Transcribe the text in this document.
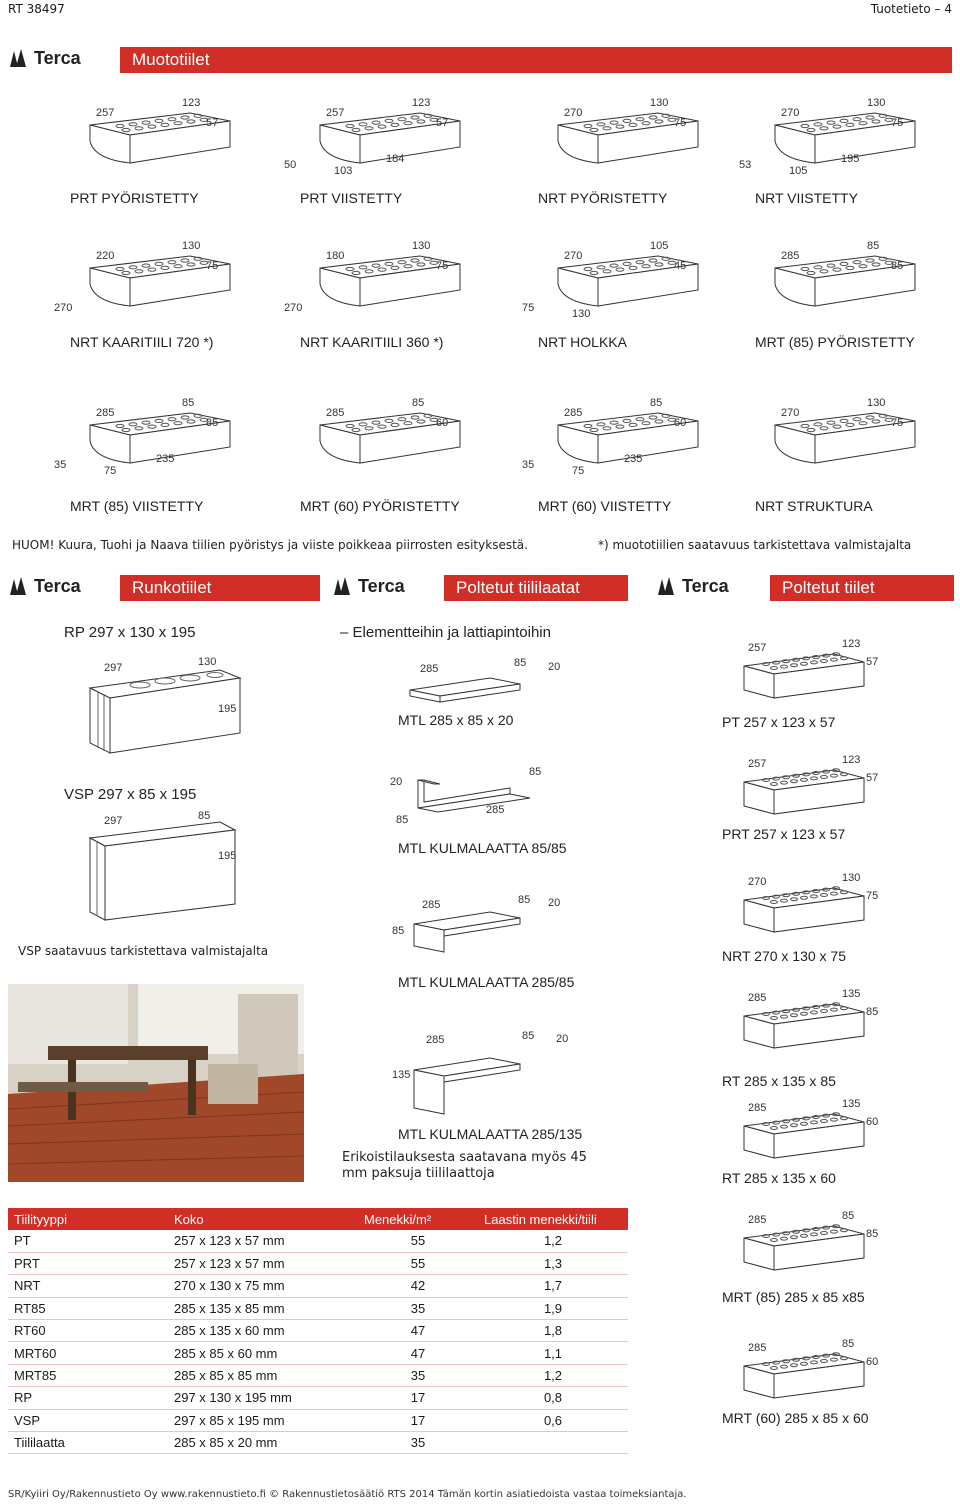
RT 38497	Tuotetieto – 4
Terca	Muototiilet
PRT PYÖRISTETTY
257
123
57
PRT VIISTETTY
257
123
57
50	103
184
NRT PYÖRISTETTY
270
130
75
NRT VIISTETTY
270
130
75
53	105
195
NRT KAARITIILI 720 *)
220
130
75
270
NRT KAARITIILI 360 *)
180
130
75
270
NRT HOLKKA
270
105
45
75	130
MRT (85) PYÖRISTETTY
285
85
85
MRT (85) VIISTETTY
285
85
85
35	75
235
MRT (60) PYÖRISTETTY
285
85
60
MRT (60) VIISTETTY
285
85
60
35	75
235
NRT STRUKTURA
270
130
75
HUOM! Kuura, Tuohi ja Naava tiilien pyöristys ja viiste poikkeaa piirrosten esityksestä.	*) muototiilien saatavuus tarkistettava valmistajalta
Terca	Runkotiilet	Terca	Poltetut tiililaatat	Terca	Poltetut tiilet
RP 297 x 130 x 195
297	130
195
VSP 297 x 85 x 195
297	85
195
VSP saatavuus tarkistettava valmistajalta
– Elementteihin ja lattiapintoihin
285	85 20
MTL 285 x 85 x 20
20
85
85
285
MTL KULMALAATTA 85/85
285	85 20
85
MTL KULMALAATTA 285/85
285	85 20
135
MTL KULMALAATTA 285/135
Erikoistilauksesta saatavana myös 45 mm paksuja tiililaattoja
PT 257 x 123 x 57
257	123
57
PRT 257 x 123 x 57
257	123
57
NRT 270 x 130 x 75
270	130
75
RT 285 x 135 x 85
285	135
85
RT 285 x 135 x 60
285	135
60
MRT (85) 285 x 85 x85
285	85
85
MRT (60) 285 x 85 x 60
285	85
60
Tiilityyppi	Koko	Menekki/m²	Laastin menekki/tiili
PT	257 x 123 x 57 mm	55	1,2
PRT	257 x 123 x 57 mm	55	1,3
NRT	270 x 130 x 75 mm	42	1,7
RT85	285 x 135 x 85 mm	35	1,9
RT60	285 x 135 x 60 mm	47	1,8
MRT60	285 x 85 x 60 mm	47	1,1
MRT85	285 x 85 x 85 mm	35	1,2
RP	297 x 130 x 195 mm	17	0,8
VSP	297 x 85 x 195 mm	17	0,6
Tiililaatta	285 x 85 x 20 mm	35	
SR/Kyiiri Oy/Rakennustieto Oy www.rakennustieto.fi © Rakennustietosäätiö RTS 2014 Tämän kortin asiatiedoista vastaa toimeksiantaja.
